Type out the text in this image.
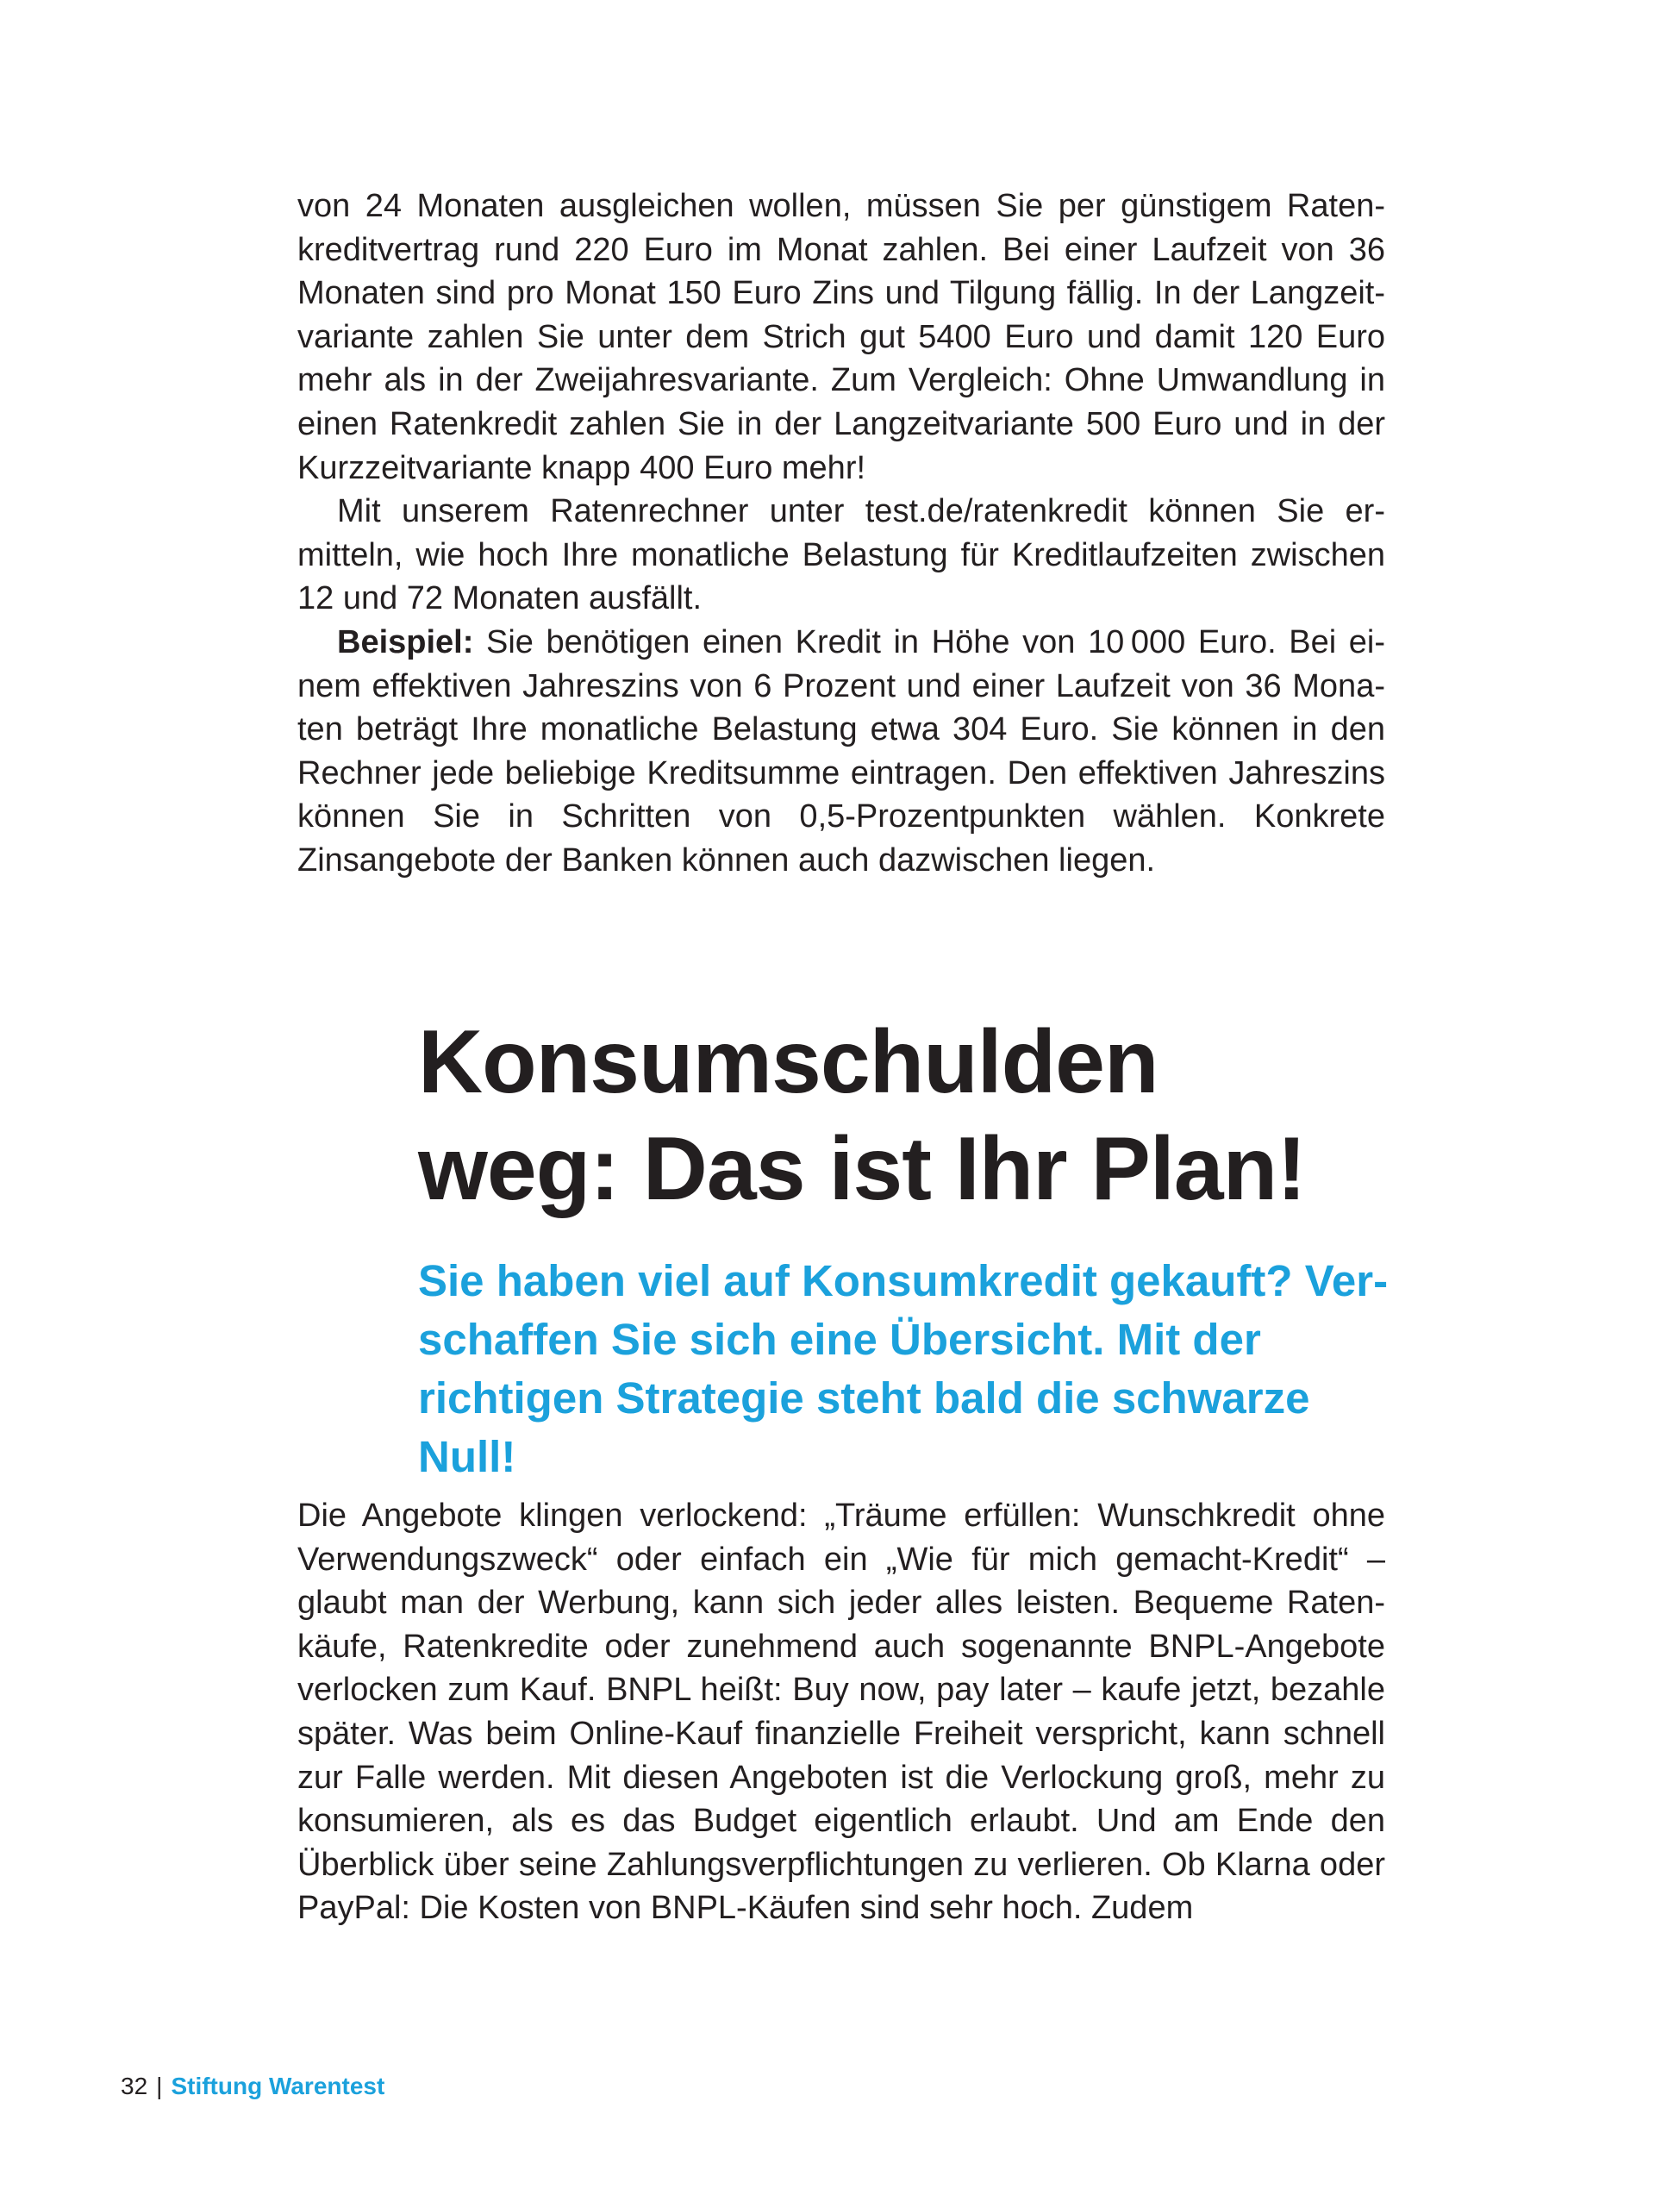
von 24 Monaten ausgleichen wollen, müssen Sie per günstigem Ratenkreditvertrag rund 220 Euro im Monat zahlen. Bei einer Laufzeit von 36 Monaten sind pro Monat 150 Euro Zins und Tilgung fällig. In der Langzeitvariante zahlen Sie unter dem Strich gut 5400 Euro und damit 120 Euro mehr als in der Zweijahresvariante. Zum Vergleich: Ohne Umwandlung in einen Ratenkredit zahlen Sie in der Langzeitvariante 500 Euro und in der Kurzzeitvariante knapp 400 Euro mehr!

Mit unserem Ratenrechner unter test.de/ratenkredit können Sie ermitteln, wie hoch Ihre monatliche Belastung für Kreditlaufzeiten zwischen 12 und 72 Monaten ausfällt.

Beispiel: Sie benötigen einen Kredit in Höhe von 10 000 Euro. Bei einem effektiven Jahreszins von 6 Prozent und einer Laufzeit von 36 Monaten beträgt Ihre monatliche Belastung etwa 304 Euro. Sie können in den Rechner jede beliebige Kreditsumme eintragen. Den effektiven Jahreszins können Sie in Schritten von 0,5-Prozentpunkten wählen. Konkrete Zinsangebote der Banken können auch dazwischen liegen.

Konsumschulden
weg: Das ist Ihr Plan!

Sie haben viel auf Konsumkredit gekauft? Verschaffen Sie sich eine Übersicht. Mit der richtigen Strategie steht bald die schwarze Null!

Die Angebote klingen verlockend: „Träume erfüllen: Wunschkredit ohne Verwendungszweck“ oder einfach ein „Wie für mich gemacht-Kredit“ – glaubt man der Werbung, kann sich jeder alles leisten. Bequeme Ratenkäufe, Ratenkredite oder zunehmend auch sogenannte BNPL-Angebote verlocken zum Kauf. BNPL heißt: Buy now, pay later – kaufe jetzt, bezahle später. Was beim Online-Kauf finanzielle Freiheit verspricht, kann schnell zur Falle werden. Mit diesen Angeboten ist die Verlockung groß, mehr zu konsumieren, als es das Budget eigentlich erlaubt. Und am Ende den Überblick über seine Zahlungsverpflichtungen zu verlieren. Ob Klarna oder PayPal: Die Kosten von BNPL-Käufen sind sehr hoch. Zudem

32 | Stiftung Warentest
